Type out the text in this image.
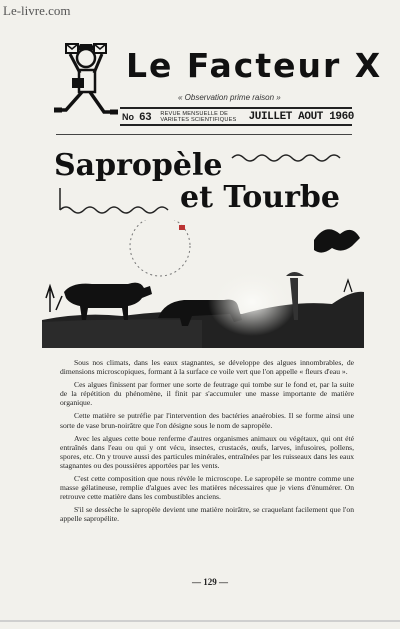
Le-livre.com
Le Facteur X
« Observation prime raison »
No 63	REVUE MENSUELLE DE VARIETES SCIENTIFIQUES	JUILLET AOUT 1960
Sapropèle
et Tourbe

Sous nos climats, dans les eaux stagnantes, se développe des algues innombrables, de dimensions microscopiques, formant à la surface ce voile vert que l'on appelle « fleurs d'eau ».

Ces algues finissent par former une sorte de feutrage qui tombe sur le fond et, par la suite de la répétition du phénomène, il finit par s'accumuler une masse importante de matière organique.

Cette matière se putréfie par l'intervention des bactéries anaérobies. Il se forme ainsi une sorte de vase brun-noirâtre que l'on désigne sous le nom de sapropèle.

Avec les algues cette boue renferme d'autres organismes animaux ou végétaux, qui ont été entraînés dans l'eau ou qui y ont vécu, insectes, crustacés, œufs, larves, infusoires, pollens, spores, etc. On y trouve aussi des particules minérales, entraînées par les ruisseaux dans les eaux stagnantes ou des poussières apportées par les vents.

C'est cette composition que nous révèle le microscope. Le sapropèle se montre comme une masse gélatineuse, remplie d'algues avec les matières nécessaires que je viens d'énumérer. On retrouve cette matière dans les combustibles anciens.

S'il se dessèche le sapropèle devient une matière noirâtre, se craquelant facilement que l'on appelle sapropélite.

— 129 —
